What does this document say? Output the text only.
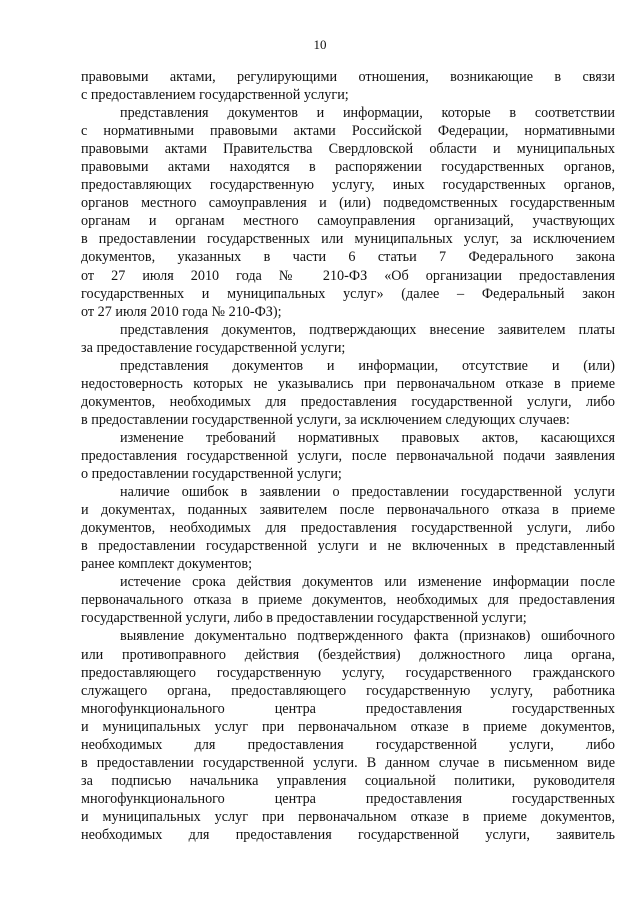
10
правовыми актами, регулирующими отношения, возникающие в связи
с предоставлением государственной услуги;
представления документов и информации, которые в соответствии
с нормативными правовыми актами Российской Федерации, нормативными
правовыми актами Правительства Свердловской области и муниципальных
правовыми актами находятся в распоряжении государственных органов,
предоставляющих государственную услугу, иных государственных органов,
органов местного самоуправления и (или) подведомственных государственным
органам и органам местного самоуправления организаций, участвующих
в предоставлении государственных или муниципальных услуг, за исключением
документов, указанных в части 6 статьи 7 Федерального закона
от 27 июля 2010 года № 210-ФЗ «Об организации предоставления
государственных и муниципальных услуг» (далее – Федеральный закон
от 27 июля 2010 года № 210-ФЗ);
представления документов, подтверждающих внесение заявителем платы
за предоставление государственной услуги;
представления документов и информации, отсутствие и (или)
недостоверность которых не указывались при первоначальном отказе в приеме
документов, необходимых для предоставления государственной услуги, либо
в предоставлении государственной услуги, за исключением следующих случаев:
изменение требований нормативных правовых актов, касающихся
предоставления государственной услуги, после первоначальной подачи заявления
о предоставлении государственной услуги;
наличие ошибок в заявлении о предоставлении государственной услуги
и документах, поданных заявителем после первоначального отказа в приеме
документов, необходимых для предоставления государственной услуги, либо
в предоставлении государственной услуги и не включенных в представленный
ранее комплект документов;
истечение срока действия документов или изменение информации после
первоначального отказа в приеме документов, необходимых для предоставления
государственной услуги, либо в предоставлении государственной услуги;
выявление документально подтвержденного факта (признаков) ошибочного
или противоправного действия (бездействия) должностного лица органа,
предоставляющего государственную услугу, государственного гражданского
служащего органа, предоставляющего государственную услугу, работника
многофункционального центра предоставления государственных
и муниципальных услуг при первоначальном отказе в приеме документов,
необходимых для предоставления государственной услуги, либо
в предоставлении государственной услуги. В данном случае в письменном виде
за подписью начальника управления социальной политики, руководителя
многофункционального центра предоставления государственных
и муниципальных услуг при первоначальном отказе в приеме документов,
необходимых для предоставления государственной услуги, заявитель
